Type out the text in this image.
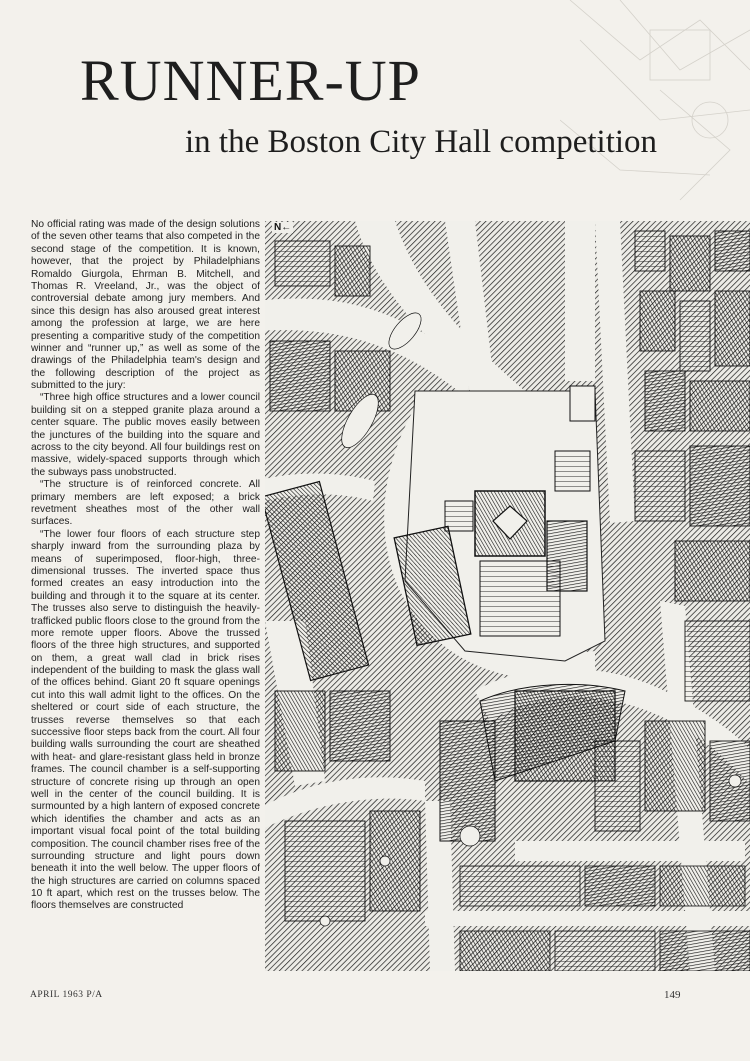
RUNNER-UP
in the Boston City Hall competition

No official rating was made of the design solutions of the seven other teams that also competed in the second stage of the competition. It is known, however, that the project by Philadelphians Romaldo Giurgola, Ehrman B. Mitchell, and Thomas R. Vreeland, Jr., was the object of controversial debate among jury members. And since this design has also aroused great interest among the profession at large, we are here presenting a comparitive study of the competition winner and “runner up,” as well as some of the drawings of the Philadelphia team's design and the following description of the project as submitted to the jury:

“Three high office structures and a lower council building sit on a stepped granite plaza around a center square. The public moves easily between the junctures of the building into the square and across to the city beyond. All four buildings rest on massive, widely-spaced supports through which the subways pass unobstructed.

“The structure is of reinforced concrete. All primary members are left exposed; a brick revetment sheathes most of the other wall surfaces.

“The lower four floors of each structure step sharply inward from the surrounding plaza by means of superimposed, floor-high, three-dimensional trusses. The inverted space thus formed creates an easy introduction into the building and through it to the square at its center. The trusses also serve to distinguish the heavily-trafficked public floors close to the ground from the more remote upper floors. Above the trussed floors of the three high structures, and supported on them, a great wall clad in brick rises independent of the building to mask the glass wall of the offices behind. Giant 20 ft square openings cut into this wall admit light to the offices. On the sheltered or court side of each structure, the trusses reverse themselves so that each successive floor steps back from the court. All four building walls surrounding the court are sheathed with heat- and glare-resistant glass held in bronze frames. The council chamber is a self-supporting structure of concrete rising up through an open well in the center of the council building. It is surmounted by a high lantern of exposed concrete which identifies the chamber and acts as an important visual focal point of the total building composition. The council chamber rises free of the surrounding structure and light pours down beneath it into the well below. The upper floors of the high structures are carried on columns spaced 10 ft apart, which rest on the trusses below. The floors themselves are constructed

N←
APRIL 1963 P/A	149
